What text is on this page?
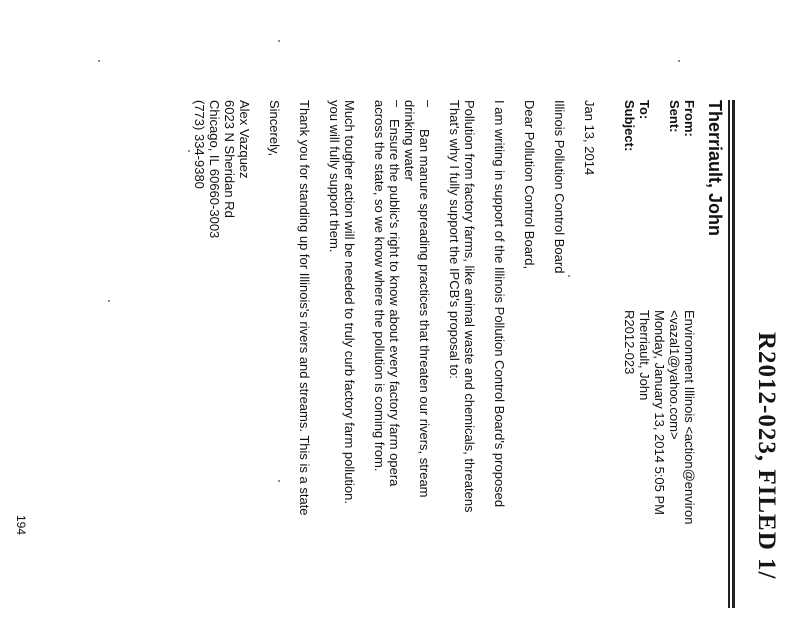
R2012-023, FILED 1/
Therriault, John
From:
Environment Illinois <action@environ
Sent:
<vazal1@yahoo.com>
Monday, January 13, 2014 5:05 PM
To:
Therriault, John
Subject:
R2012-023
Jan 13, 2014
Illinois Pollution Control Board
Dear Pollution Control Board,
I am writing in support of the Illinois Pollution Control Board's proposed
Pollution from factory farms, like animal waste and chemicals, threatens
That's why I fully support the IPCB's proposal to:
–
Ban manure spreading practices that threaten our rivers, stream
drinking water
–
Ensure the public's right to know about every factory farm opera
across the state, so we know where the pollution is coming from.
Much tougher action will be needed to truly curb factory farm pollution.
you will fully support them.
Thank you for standing up for Illinois's rivers and streams. This is a state
Sincerely,
Alex Vazquez
6023 N Sheridan Rd
Chicago, IL 60660-3003
(773) 334-9380
194
